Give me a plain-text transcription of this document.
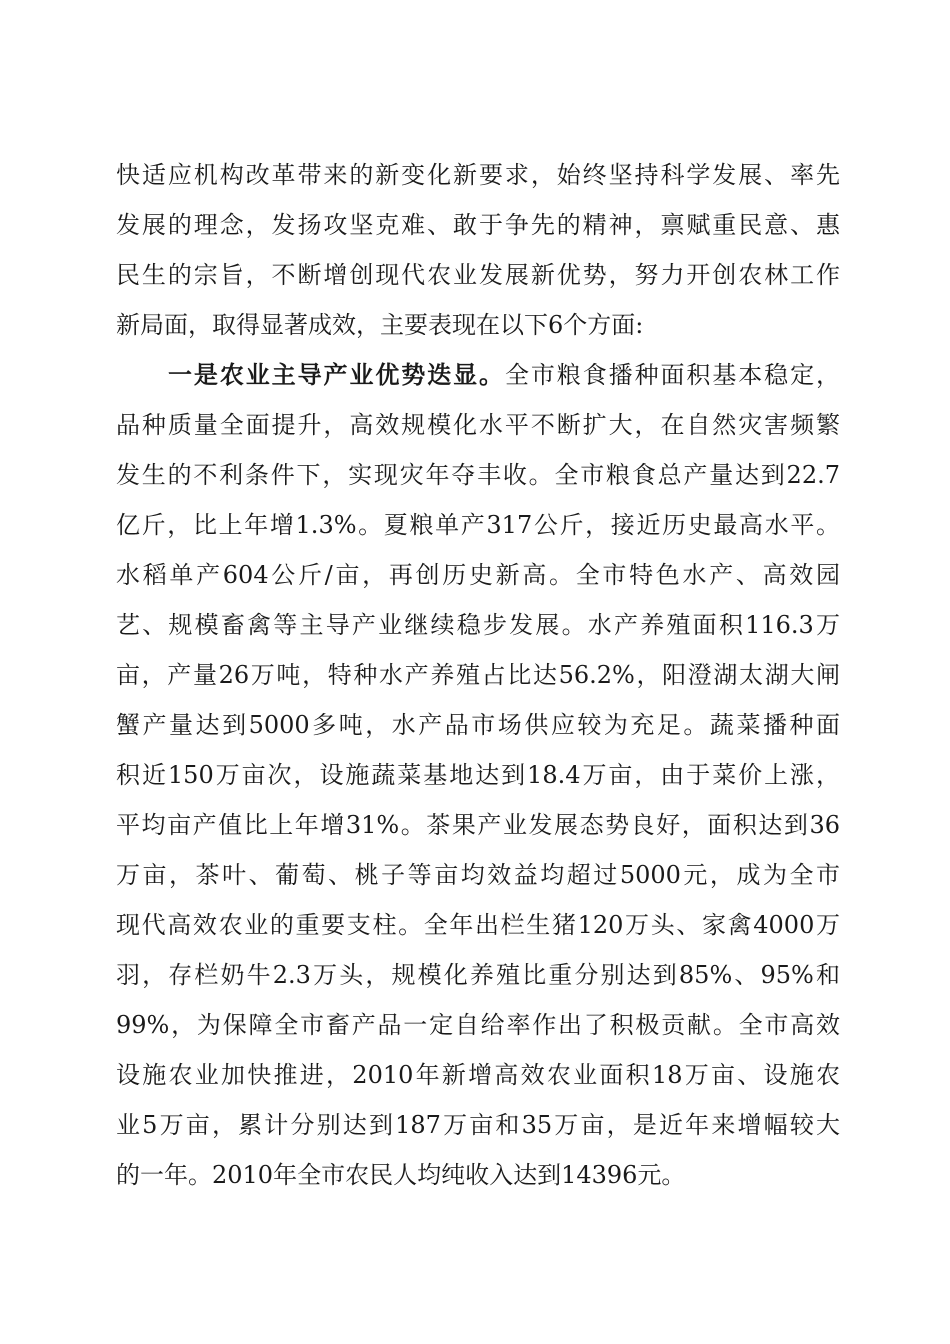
快适应机构改革带来的新变化新要求，始终坚持科学发展、率先
发展的理念，发扬攻坚克难、敢于争先的精神，禀赋重民意、惠
民生的宗旨，不断增创现代农业发展新优势，努力开创农林工作
新局面，取得显著成效，主要表现在以下6个方面:
一是农业主导产业优势迭显。全市粮食播种面积基本稳定，
品种质量全面提升，高效规模化水平不断扩大，在自然灾害频繁
发生的不利条件下，实现灾年夺丰收。全市粮食总产量达到22.7
亿斤，比上年增1.3%。夏粮单产317公斤，接近历史最高水平。
水稻单产604公斤/亩，再创历史新高。全市特色水产、高效园
艺、规模畜禽等主导产业继续稳步发展。水产养殖面积116.3万
亩，产量26万吨，特种水产养殖占比达56.2%，阳澄湖太湖大闸
蟹产量达到5000多吨，水产品市场供应较为充足。蔬菜播种面
积近150万亩次，设施蔬菜基地达到18.4万亩，由于菜价上涨，
平均亩产值比上年增31%。茶果产业发展态势良好，面积达到36
万亩，茶叶、葡萄、桃子等亩均效益均超过5000元，成为全市
现代高效农业的重要支柱。全年出栏生猪120万头、家禽4000万
羽，存栏奶牛2.3万头，规模化养殖比重分别达到85%、95%和
99%，为保障全市畜产品一定自给率作出了积极贡献。全市高效
设施农业加快推进，2010年新增高效农业面积18万亩、设施农
业5万亩，累计分别达到187万亩和35万亩，是近年来增幅较大
的一年。2010年全市农民人均纯收入达到14396元。
